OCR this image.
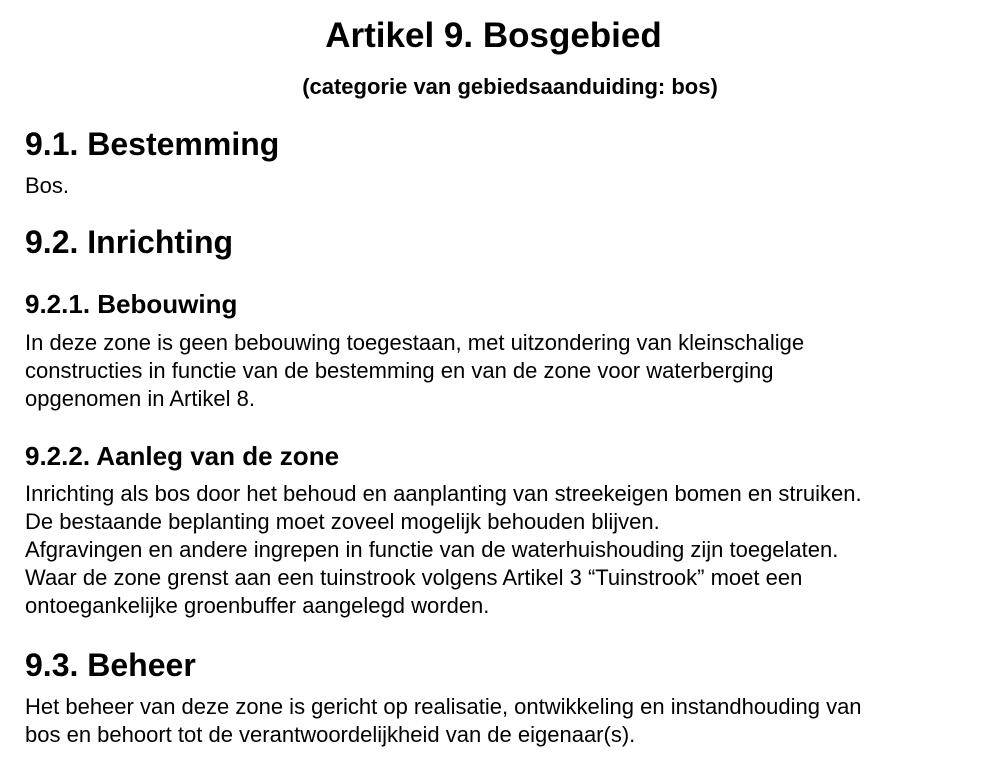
Artikel 9. Bosgebied
(categorie van gebiedsaanduiding: bos)
9.1. Bestemming
Bos.
9.2. Inrichting
9.2.1. Bebouwing
In deze zone is geen bebouwing toegestaan, met uitzondering van kleinschalige
constructies in functie van de bestemming en van de zone voor waterberging
opgenomen in Artikel 8.
9.2.2. Aanleg van de zone
Inrichting als bos door het behoud en aanplanting van streekeigen bomen en struiken.
De bestaande beplanting moet zoveel mogelijk behouden blijven.
Afgravingen en andere ingrepen in functie van de waterhuishouding zijn toegelaten.
Waar de zone grenst aan een tuinstrook volgens Artikel 3 “Tuinstrook” moet een
ontoegankelijke groenbuffer aangelegd worden.
9.3. Beheer
Het beheer van deze zone is gericht op realisatie, ontwikkeling en instandhouding van
bos en behoort tot de verantwoordelijkheid van de eigenaar(s).
